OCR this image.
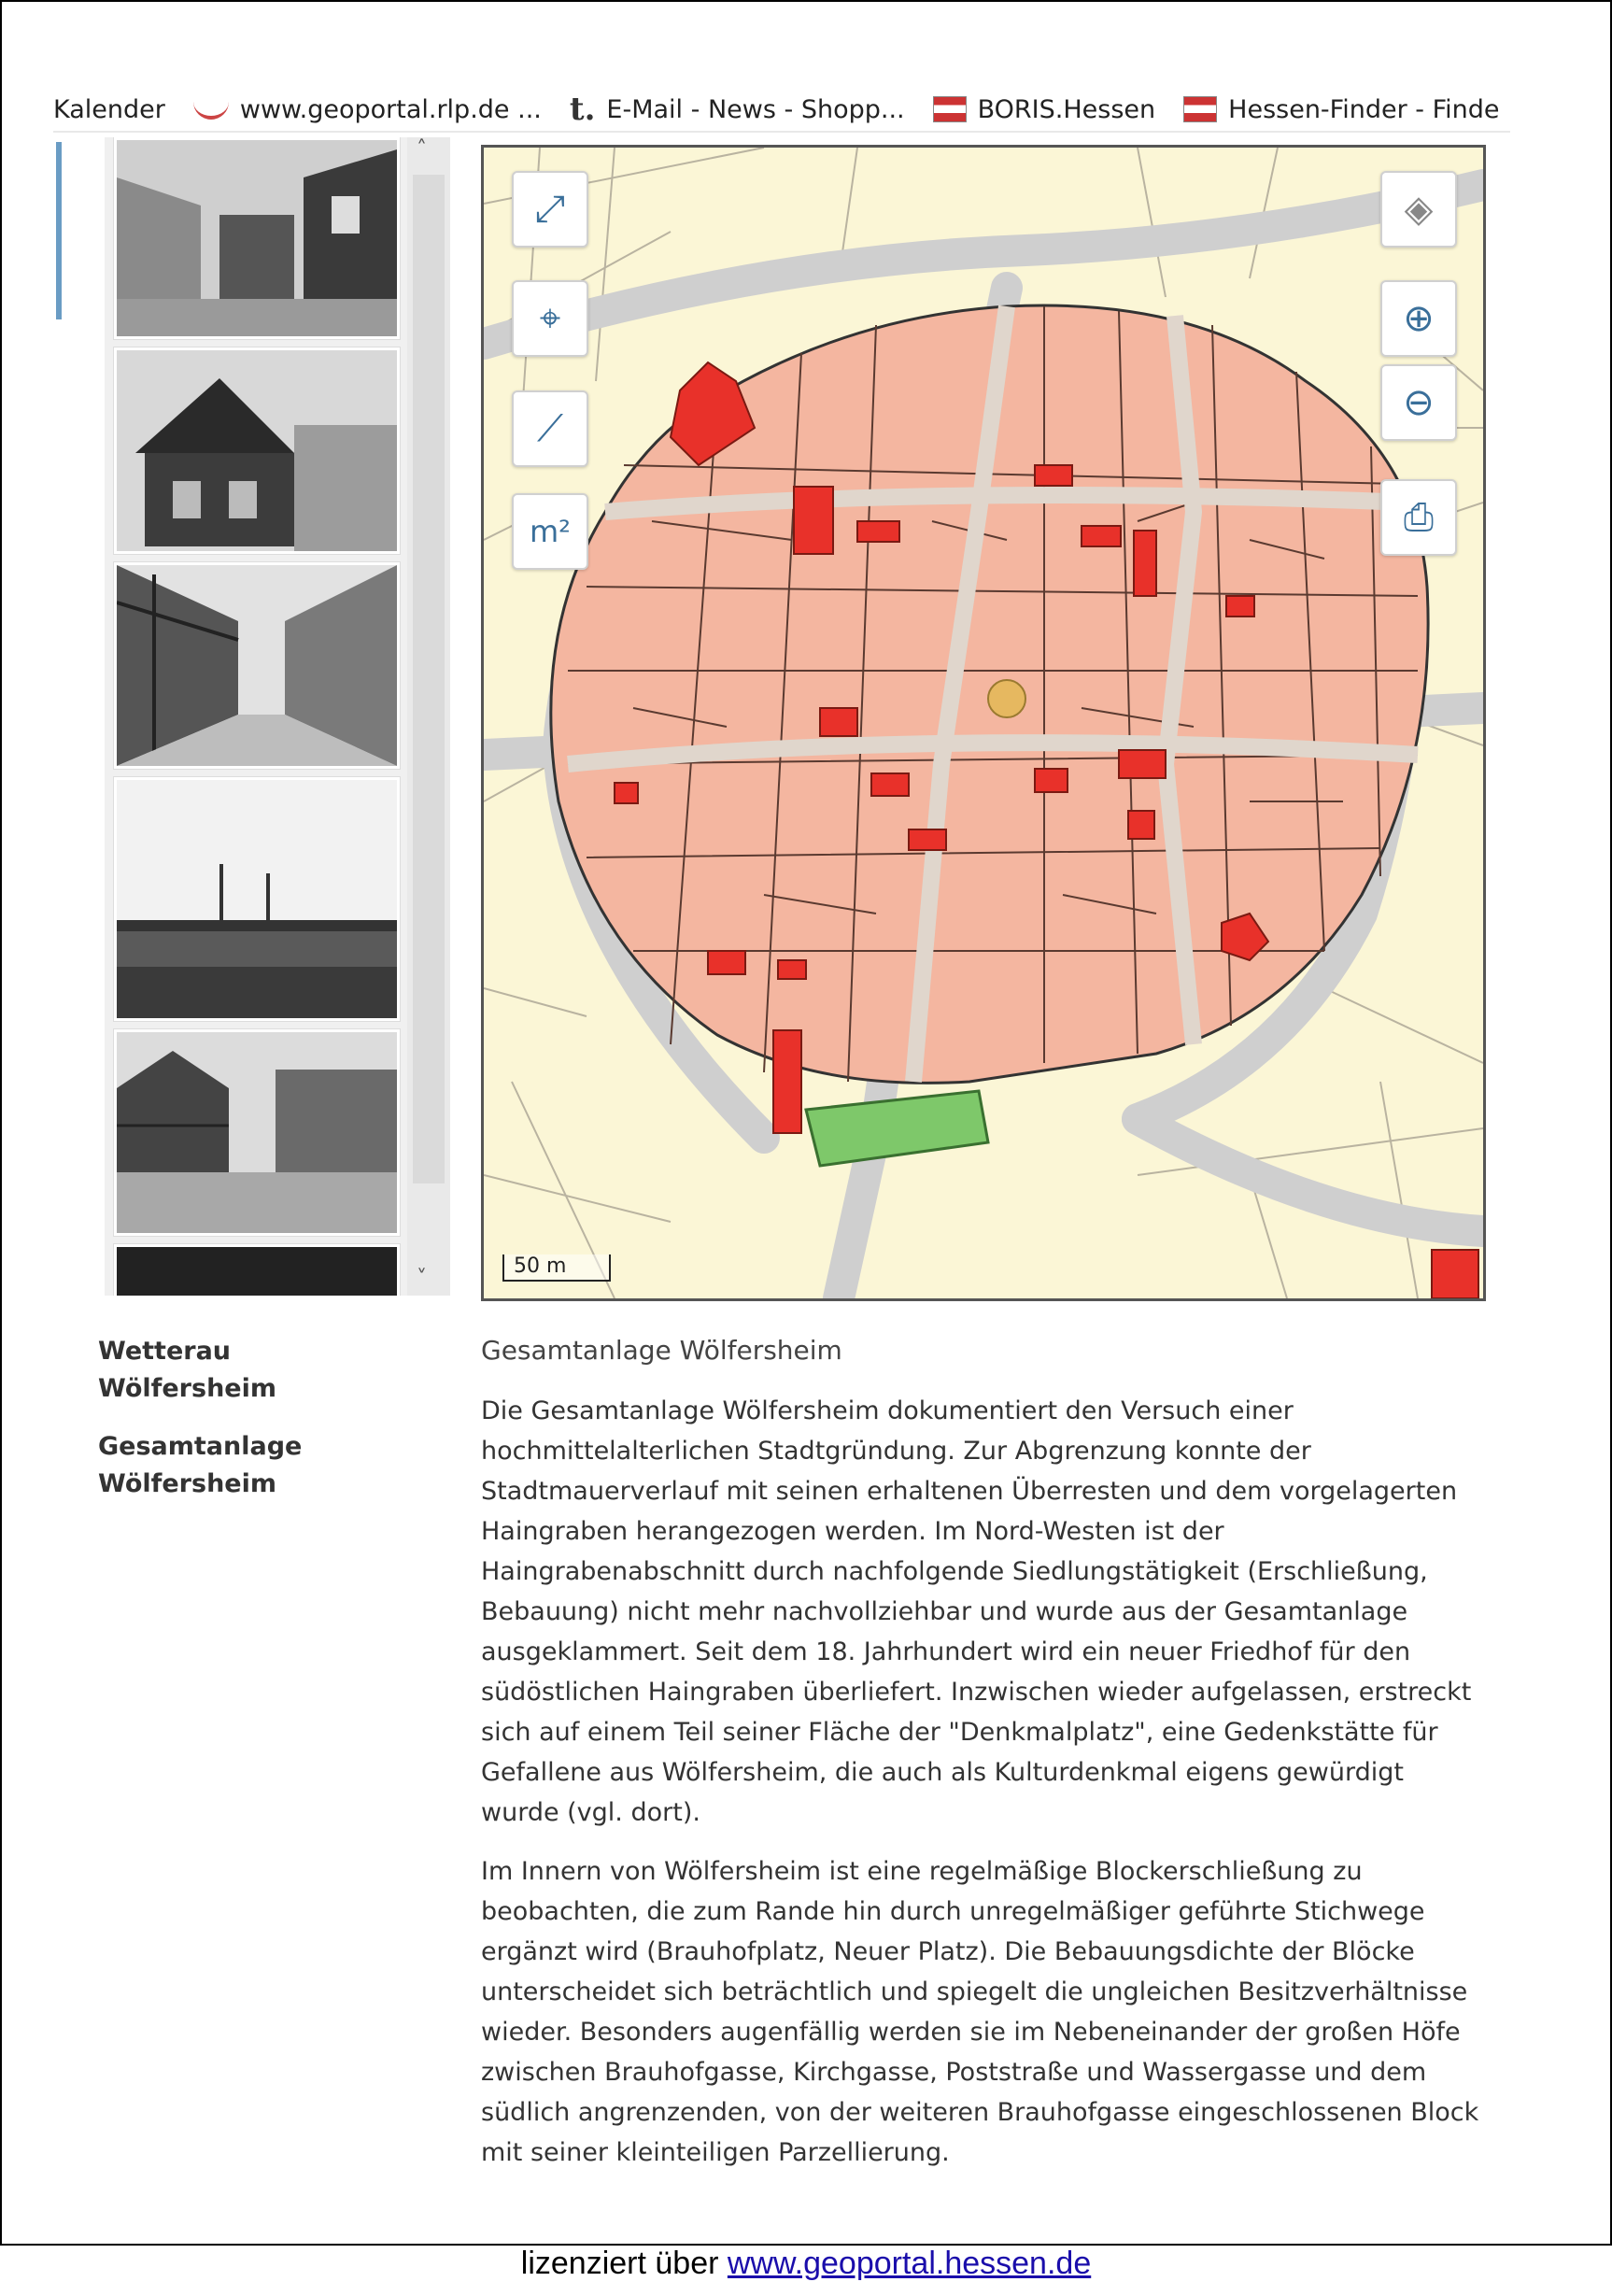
Kalender	www.geoportal.rlp.de ... t. E-Mail - News - Shopp...	BORIS.Hessen	Hessen-Finder - Finde
˄
˅
⤢
⌖
⟋
m²
◈
⊕
⊖
⎙
50 m
Wetterau
Wölfersheim
Gesamtanlage
Wölfersheim
Gesamtanlage Wölfersheim

Die Gesamtanlage Wölfersheim dokumentiert den Versuch einer hochmittelalterlichen Stadtgründung. Zur Abgrenzung konnte der Stadtmauerverlauf mit seinen erhaltenen Überresten und dem vorgelagerten Haingraben herangezogen werden. Im Nord-Westen ist der Haingrabenabschnitt durch nachfolgende Siedlungstätigkeit (Erschließung, Bebauung) nicht mehr nachvollziehbar und wurde aus der Gesamtanlage ausgeklammert. Seit dem 18. Jahrhundert wird ein neuer Friedhof für den südöstlichen Haingraben überliefert. Inzwischen wieder aufgelassen, erstreckt sich auf einem Teil seiner Fläche der "Denkmalplatz", eine Gedenkstätte für Gefallene aus Wölfersheim, die auch als Kulturdenkmal eigens gewürdigt wurde (vgl. dort).

Im Innern von Wölfersheim ist eine regelmäßige Blockerschließung zu beobachten, die zum Rande hin durch unregelmäßiger geführte Stichwege ergänzt wird (Brauhofplatz, Neuer Platz). Die Bebauungsdichte der Blöcke unterscheidet sich beträchtlich und spiegelt die ungleichen Besitzverhältnisse wieder. Besonders augenfällig werden sie im Nebeneinander der großen Höfe zwischen Brauhofgasse, Kirchgasse, Poststraße und Wassergasse und dem südlich angrenzenden, von der weiteren Brauhofgasse eingeschlossenen Block mit seiner kleinteiligen Parzellierung.

lizenziert über www.geoportal.hessen.de
